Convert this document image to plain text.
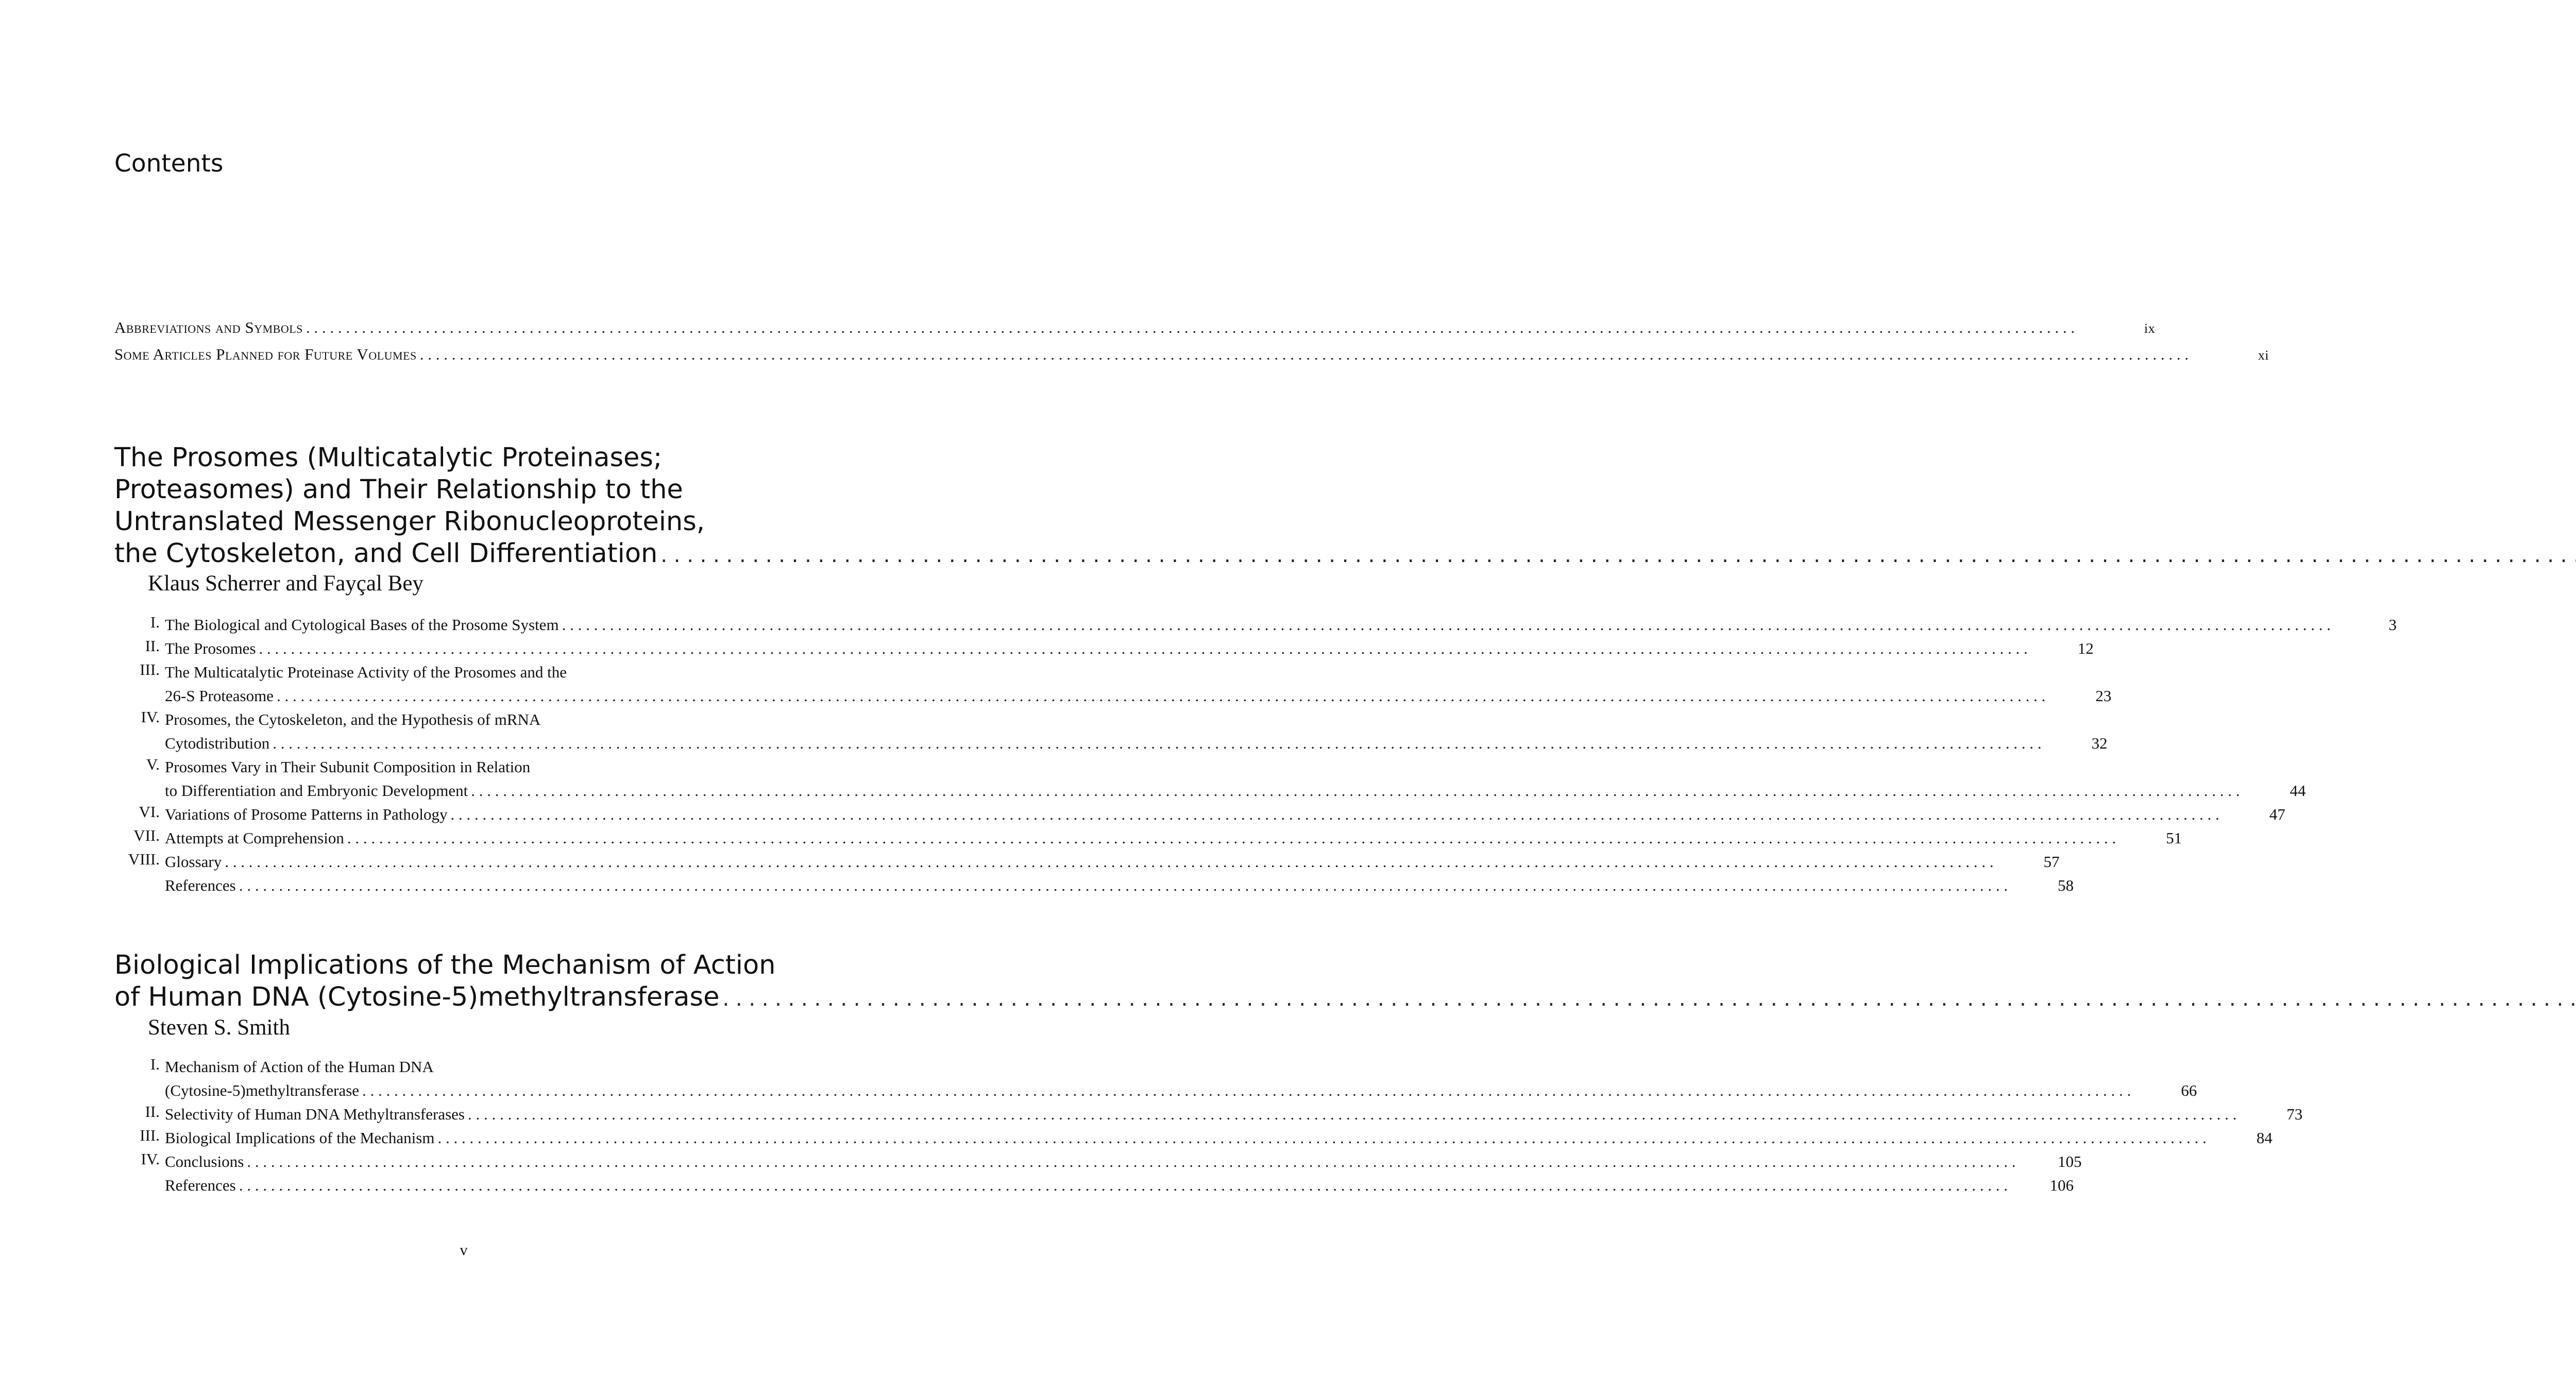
Contents
Abbreviations and Symbols . . .	ix
Some Articles Planned for Future Volumes . . .	xi
The Prosomes (Multicatalytic Proteinases;
Proteasomes) and Their Relationship to the
Untranslated Messenger Ribonucleoproteins,
the Cytoskeleton, and Cell Differentiation
. . .
Klaus Scherrer and Fayçal Bey
I. The Biological and Cytological Bases of the Prosome System . . .	3
II. The Prosomes . . .	12
III. The Multicatalytic Proteinase Activity of the Prosomes and the
26-S Proteasome . . .	23
IV. Prosomes, the Cytoskeleton, and the Hypothesis of mRNA
Cytodistribution . . .	32
V. Prosomes Vary in Their Subunit Composition in Relation
to Differentiation and Embryonic Development . . .	44
VI. Variations of Prosome Patterns in Pathology . . .	47
VII. Attempts at Comprehension . . .	51
VIII. Glossary . . .	57
References . . .	58
Biological Implications of the Mechanism of Action
of Human DNA (Cytosine-5)methyltransferase
. . .
Steven S. Smith
I. Mechanism of Action of the Human DNA
(Cytosine-5)methyltransferase . . .	66
II. Selectivity of Human DNA Methyltransferases . . .	73
III. Biological Implications of the Mechanism . . .	84
IV. Conclusions . . .	105
References . . .	106
v
